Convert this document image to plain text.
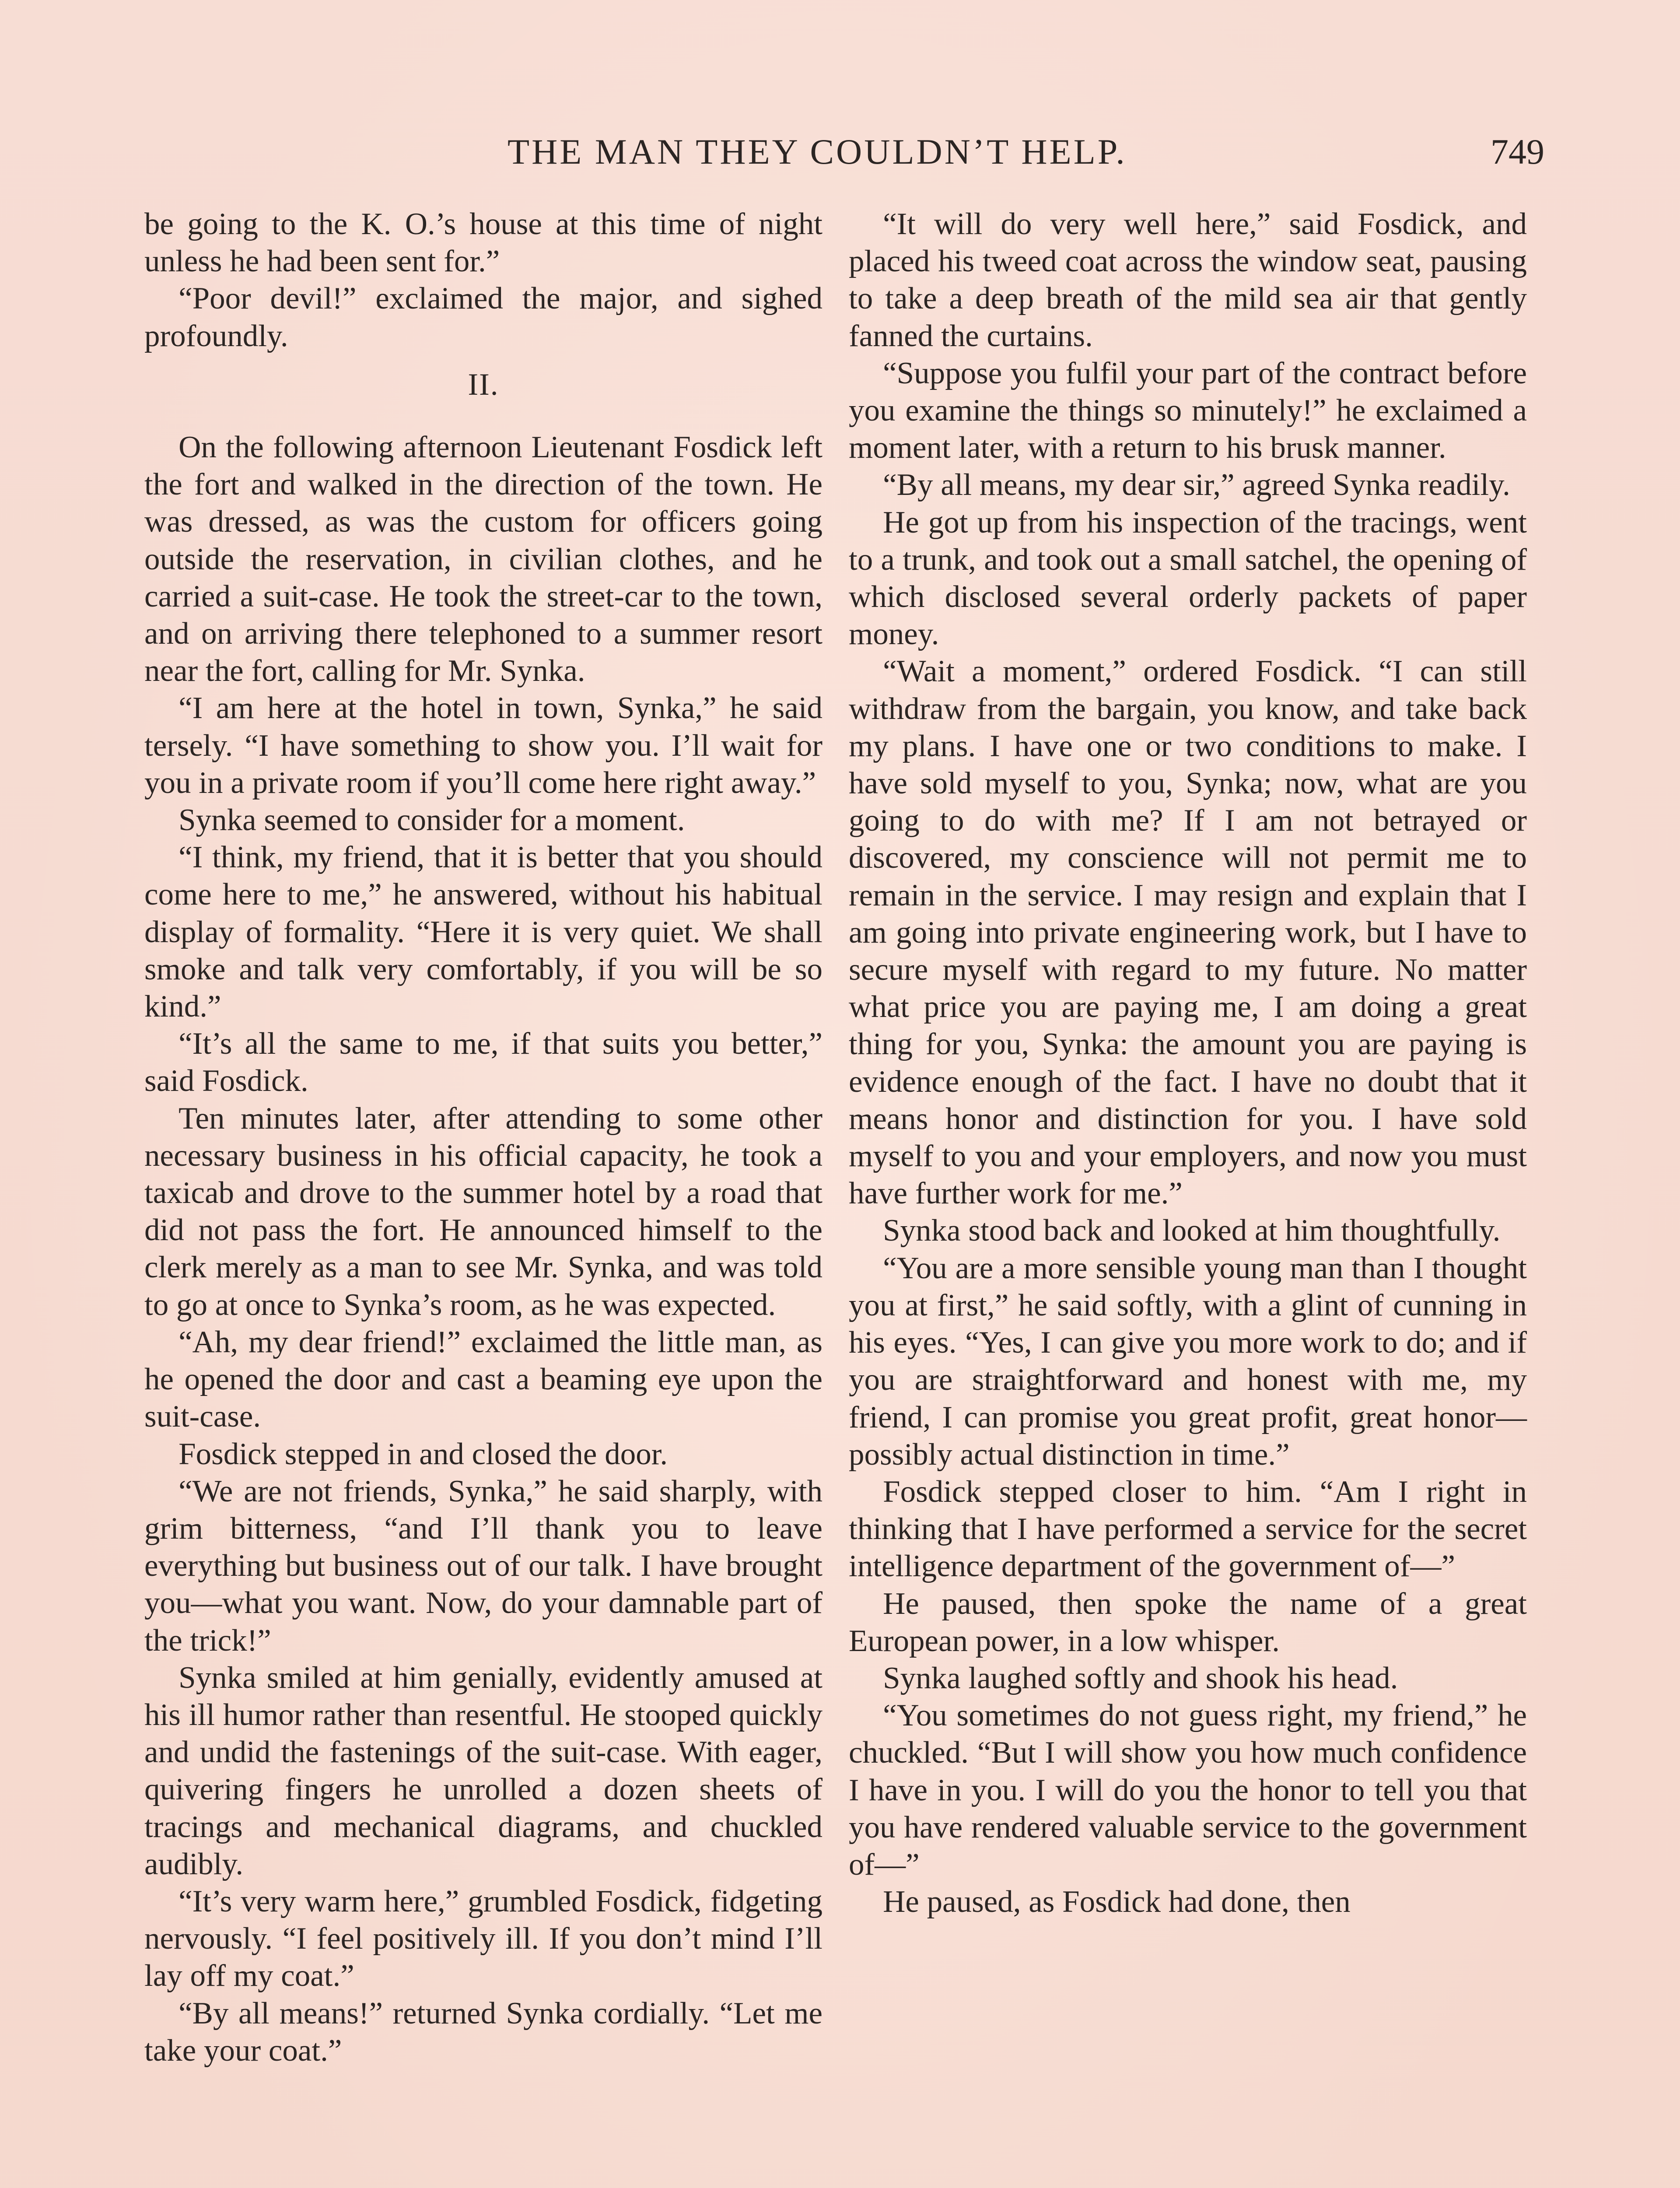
THE MAN THEY COULDN’T HELP.	749

be going to the K. O.’s house at this time of night unless he had been sent for.”

“Poor devil!” exclaimed the major, and sighed profoundly.

II.

On the following afternoon Lieutenant Fosdick left the fort and walked in the direction of the town. He was dressed, as was the custom for officers going outside the reservation, in civilian clothes, and he carried a suit-case. He took the street-car to the town, and on arriving there telephoned to a summer resort near the fort, calling for Mr. Synka.

“I am here at the hotel in town, Synka,” he said tersely. “I have something to show you. I’ll wait for you in a private room if you’ll come here right away.”

Synka seemed to consider for a moment.

“I think, my friend, that it is better that you should come here to me,” he answered, without his habitual display of formality. “Here it is very quiet. We shall smoke and talk very comfortably, if you will be so kind.”

“It’s all the same to me, if that suits you better,” said Fosdick.

Ten minutes later, after attending to some other necessary business in his official capacity, he took a taxicab and drove to the summer hotel by a road that did not pass the fort. He announced himself to the clerk merely as a man to see Mr. Synka, and was told to go at once to Synka’s room, as he was expected.

“Ah, my dear friend!” exclaimed the little man, as he opened the door and cast a beaming eye upon the suit-case.

Fosdick stepped in and closed the door.

“We are not friends, Synka,” he said sharply, with grim bitterness, “and I’ll thank you to leave everything but business out of our talk. I have brought you—what you want. Now, do your damnable part of the trick!”

Synka smiled at him genially, evidently amused at his ill humor rather than resentful. He stooped quickly and undid the fastenings of the suit-case. With eager, quivering fingers he unrolled a dozen sheets of tracings and mechanical diagrams, and chuckled audibly.

“It’s very warm here,” grumbled Fosdick, fidgeting nervously. “I feel positively ill. If you don’t mind I’ll lay off my coat.”

“By all means!” returned Synka cordially. “Let me take your coat.”

“It will do very well here,” said Fosdick, and placed his tweed coat across the window seat, pausing to take a deep breath of the mild sea air that gently fanned the curtains.

“Suppose you fulfil your part of the contract before you examine the things so minutely!” he exclaimed a moment later, with a return to his brusk manner.

“By all means, my dear sir,” agreed Synka readily.

He got up from his inspection of the tracings, went to a trunk, and took out a small satchel, the opening of which disclosed several orderly packets of paper money.

“Wait a moment,” ordered Fosdick. “I can still withdraw from the bargain, you know, and take back my plans. I have one or two conditions to make. I have sold myself to you, Synka; now, what are you going to do with me? If I am not betrayed or discovered, my conscience will not permit me to remain in the service. I may resign and explain that I am going into private engineering work, but I have to secure myself with regard to my future. No matter what price you are paying me, I am doing a great thing for you, Synka: the amount you are paying is evidence enough of the fact. I have no doubt that it means honor and distinction for you. I have sold myself to you and your employers, and now you must have further work for me.”

Synka stood back and looked at him thoughtfully.

“You are a more sensible young man than I thought you at first,” he said softly, with a glint of cunning in his eyes. “Yes, I can give you more work to do; and if you are straightforward and honest with me, my friend, I can promise you great profit, great honor—possibly actual distinction in time.”

Fosdick stepped closer to him. “Am I right in thinking that I have performed a service for the secret intelligence department of the government of—”

He paused, then spoke the name of a great European power, in a low whisper.

Synka laughed softly and shook his head.

“You sometimes do not guess right, my friend,” he chuckled. “But I will show you how much confidence I have in you. I will do you the honor to tell you that you have rendered valuable service to the government of—”

He paused, as Fosdick had done, then
